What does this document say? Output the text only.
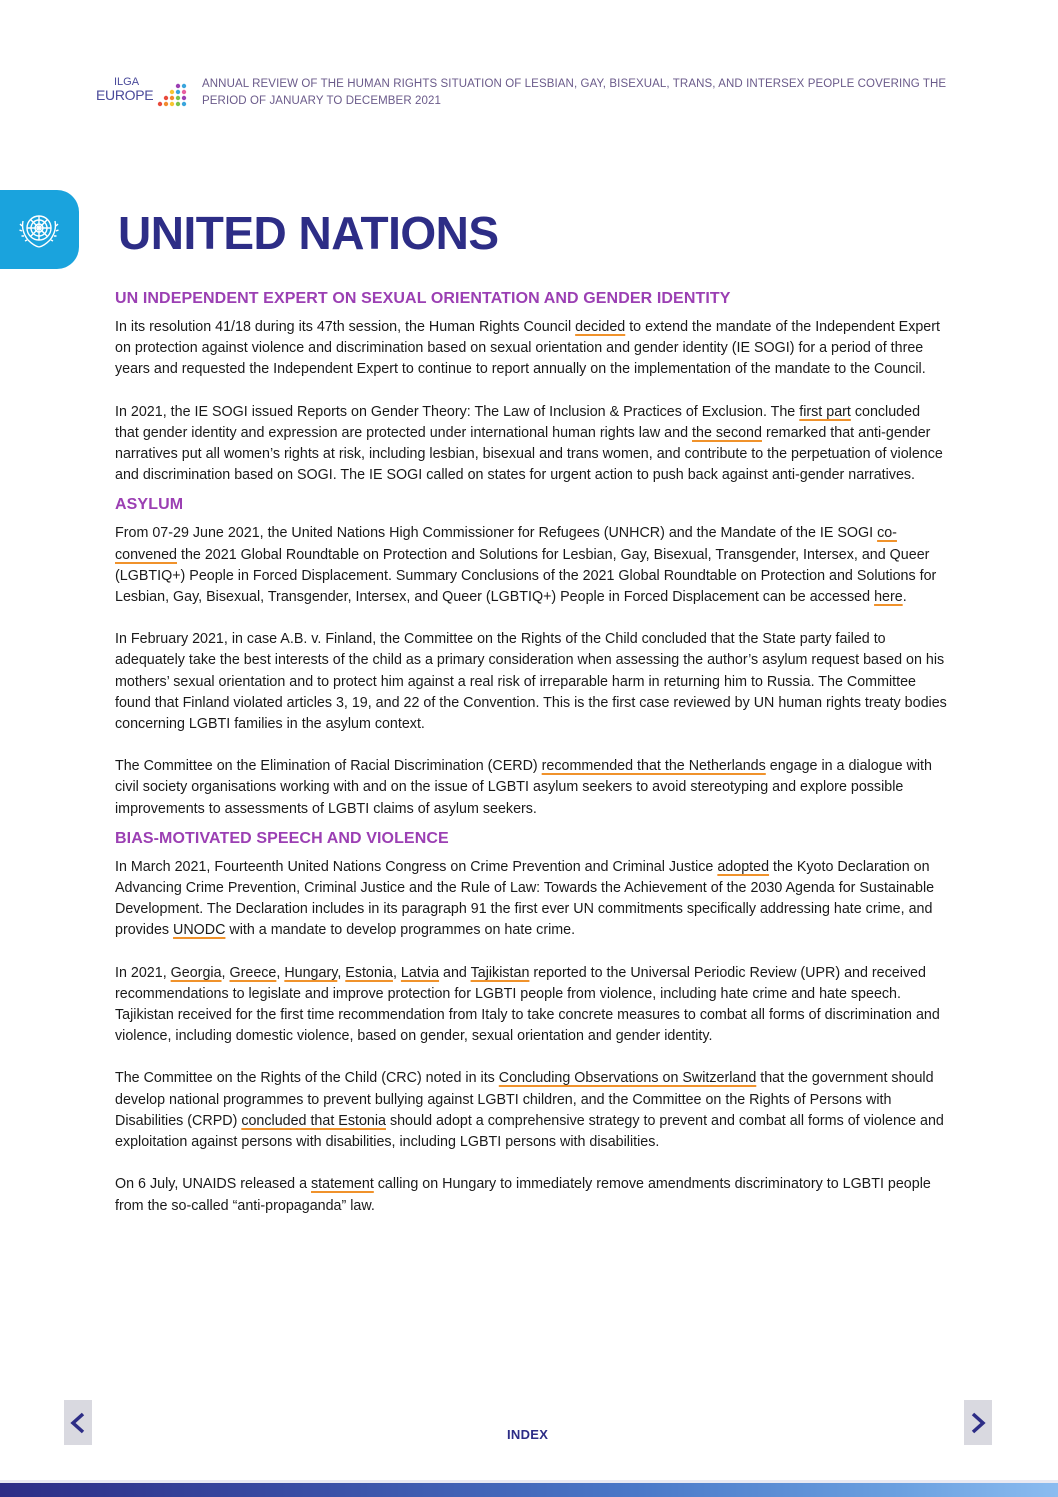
ILGA
EUROPE
ANNUAL REVIEW OF THE HUMAN RIGHTS SITUATION OF LESBIAN, GAY, BISEXUAL, TRANS, AND INTERSEX PEOPLE COVERING THE PERIOD OF JANUARY TO DECEMBER 2021
UNITED NATIONS
UN INDEPENDENT EXPERT ON SEXUAL ORIENTATION AND GENDER IDENTITY

In its resolution 41/18 during its 47th session, the Human Rights Council decided to extend the mandate of the Independent Expert on protection against violence and discrimination based on sexual orientation and gender identity (IE SOGI) for a period of three years and requested the Independent Expert to continue to report annually on the implementation of the mandate to the Council.

In 2021, the IE SOGI issued Reports on Gender Theory: The Law of Inclusion & Practices of Exclusion. The first part concluded that gender identity and expression are protected under international human rights law and the second remarked that anti-gender narratives put all women’s rights at risk, including lesbian, bisexual and trans women, and contribute to the perpetuation of violence and discrimination based on SOGI. The IE SOGI called on states for urgent action to push back against anti-gender narratives.

ASYLUM

From 07-29 June 2021, the United Nations High Commissioner for Refugees (UNHCR) and the Mandate of the IE SOGI co-convened the 2021 Global Roundtable on Protection and Solutions for Lesbian, Gay, Bisexual, Transgender, Intersex, and Queer (LGBTIQ+) People in Forced Displacement. Summary Conclusions of the 2021 Global Roundtable on Protection and Solutions for Lesbian, Gay, Bisexual, Transgender, Intersex, and Queer (LGBTIQ+) People in Forced Displacement can be accessed here.

In February 2021, in case A.B. v. Finland, the Committee on the Rights of the Child concluded that the State party failed to adequately take the best interests of the child as a primary consideration when assessing the author’s asylum request based on his mothers’ sexual orientation and to protect him against a real risk of irreparable harm in returning him to Russia. The Committee found that Finland violated articles 3, 19, and 22 of the Convention. This is the first case reviewed by UN human rights treaty bodies concerning LGBTI families in the asylum context.

The Committee on the Elimination of Racial Discrimination (CERD) recommended that the Netherlands engage in a dialogue with civil society organisations working with and on the issue of LGBTI asylum seekers to avoid stereotyping and explore possible improvements to assessments of LGBTI claims of asylum seekers.

BIAS-MOTIVATED SPEECH AND VIOLENCE

In March 2021, Fourteenth United Nations Congress on Crime Prevention and Criminal Justice adopted the Kyoto Declaration on Advancing Crime Prevention, Criminal Justice and the Rule of Law: Towards the Achievement of the 2030 Agenda for Sustainable Development. The Declaration includes in its paragraph 91 the first ever UN commitments specifically addressing hate crime, and provides UNODC with a mandate to develop programmes on hate crime.

In 2021, Georgia, Greece, Hungary, Estonia, Latvia and Tajikistan reported to the Universal Periodic Review (UPR) and received recommendations to legislate and improve protection for LGBTI people from violence, including hate crime and hate speech. Tajikistan received for the first time recommendation from Italy to take concrete measures to combat all forms of discrimination and violence, including domestic violence, based on gender, sexual orientation and gender identity.

The Committee on the Rights of the Child (CRC) noted in its Concluding Observations on Switzerland that the government should develop national programmes to prevent bullying against LGBTI children, and the Committee on the Rights of Persons with Disabilities (CRPD) concluded that Estonia should adopt a comprehensive strategy to prevent and combat all forms of violence and exploitation against persons with disabilities, including LGBTI persons with disabilities.

On 6 July, UNAIDS released a statement calling on Hungary to immediately remove amendments discriminatory to LGBTI people from the so-called “anti-propaganda” law.

INDEX
